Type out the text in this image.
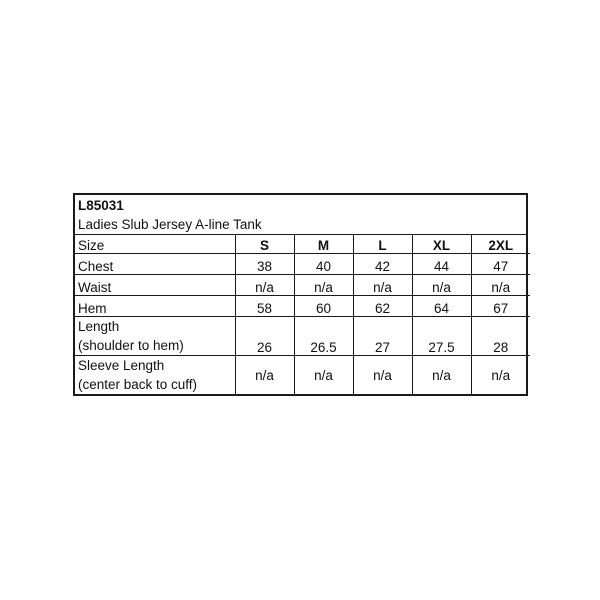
L85031
Ladies Slub Jersey A-line Tank
Size	S	M	L	XL	2XL
Chest	38	40	42	44	47
Waist	n/a	n/a	n/a	n/a	n/a
Hem	58	60	62	64	67

Length
(shoulder to hem)	26	26.5	27	27.5	28

Sleeve Length
(center back to cuff)	n/a	n/a	n/a	n/a	n/a
